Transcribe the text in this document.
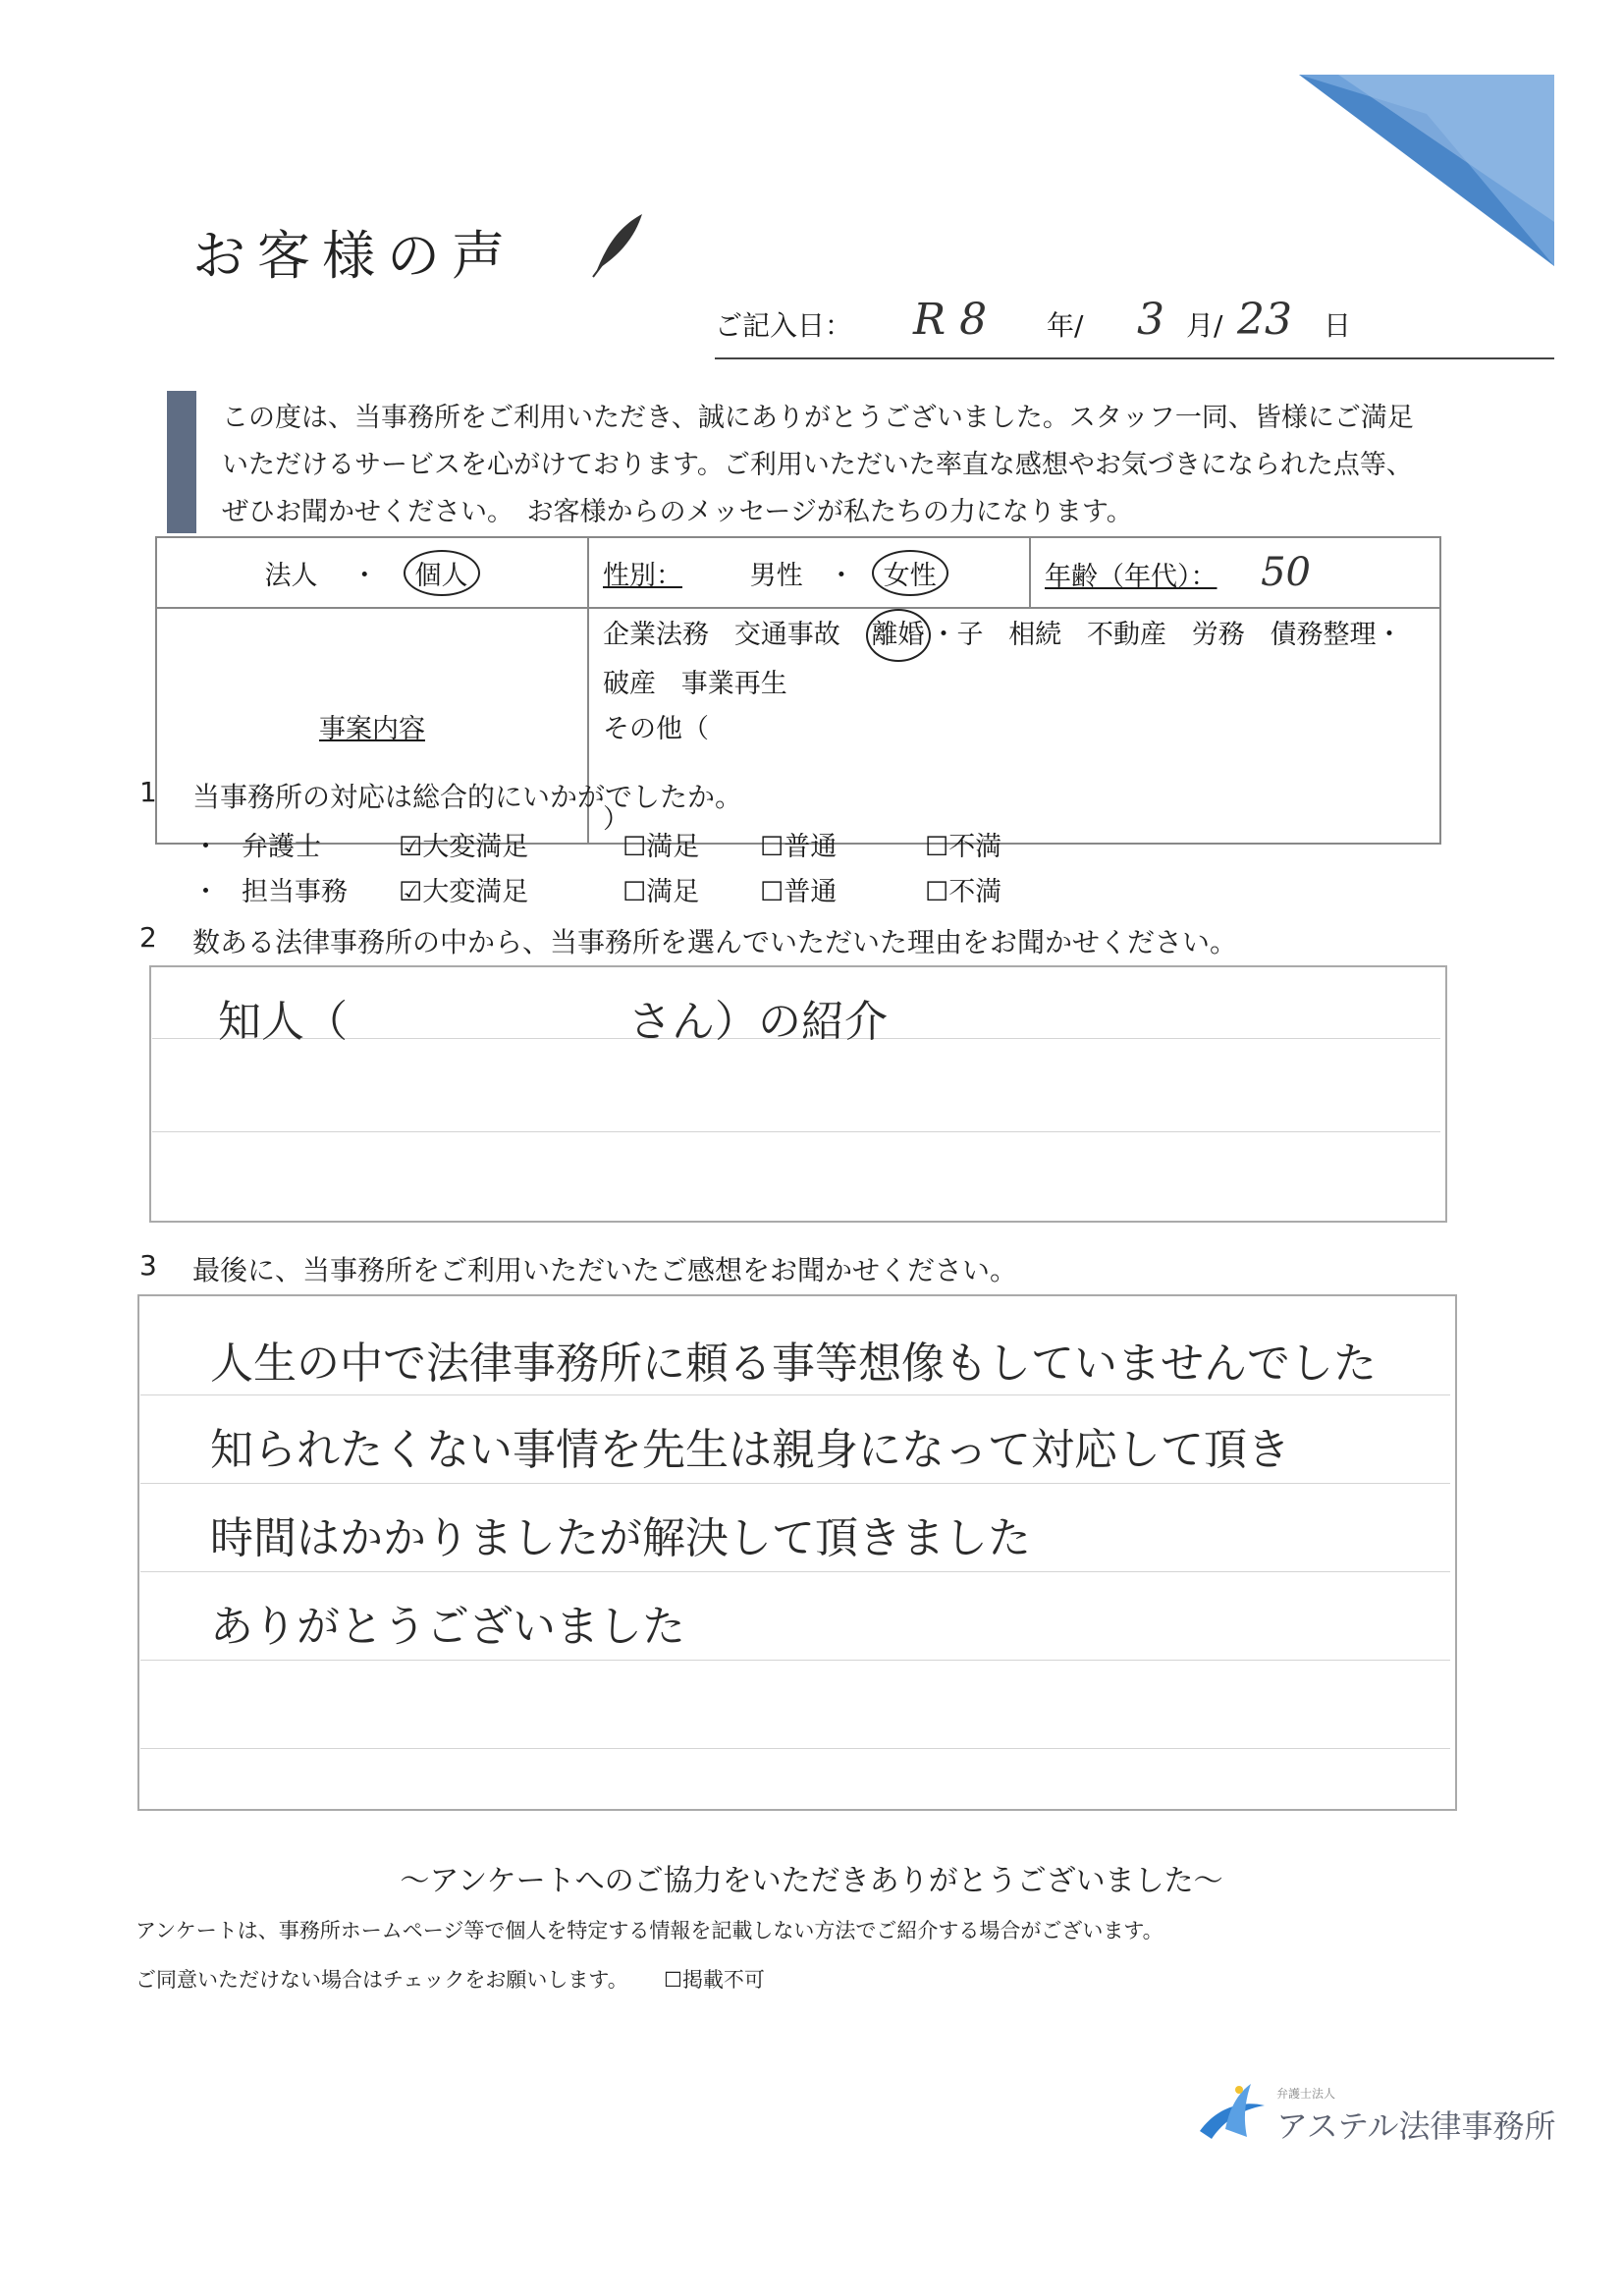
お客様の声
ご記入日： R 8 年/ 3 月/ 23 日
この度は、当事務所をご利用いただき、誠にありがとうございました。スタッフ一同、皆様にご満足
いただけるサービスを心がけております。ご利用いただいた率直な感想やお気づきになられた点等、
ぜひお聞かせください。　お客様からのメッセージが私たちの力になります。
法人 ・ 個人	性別： 男性 ・ 女性	年齢（年代）： 50
事案内容	企業法務 交通事故 離婚 ・子 相続 不動産 労務 債務整理・破産 事業再生
その他（  ）	
1 当事務所の対応は総合的にいかがでしたか。
・ 弁護士	☑大変満足	☐満足 ☐普通	☐不満
・ 担当事務 ☑大変満足	☐満足 ☐普通	☐不満
2 数ある法律事務所の中から、当事務所を選んでいただいた理由をお聞かせください。
知人（	さん）の紹介
3 最後に、当事務所をご利用いただいたご感想をお聞かせください。
人生の中で法律事務所に頼る事等想像もしていませんでした
知られたくない事情を先生は親身になって対応して頂き
時間はかかりましたが解決して頂きました
ありがとうございました
～アンケートへのご協力をいただきありがとうございました～
アンケートは、事務所ホームページ等で個人を特定する情報を記載しない方法でご紹介する場合がございます。
ご同意いただけない場合はチェックをお願いします。 ☐掲載不可
弁護士法人
アステル法律事務所
